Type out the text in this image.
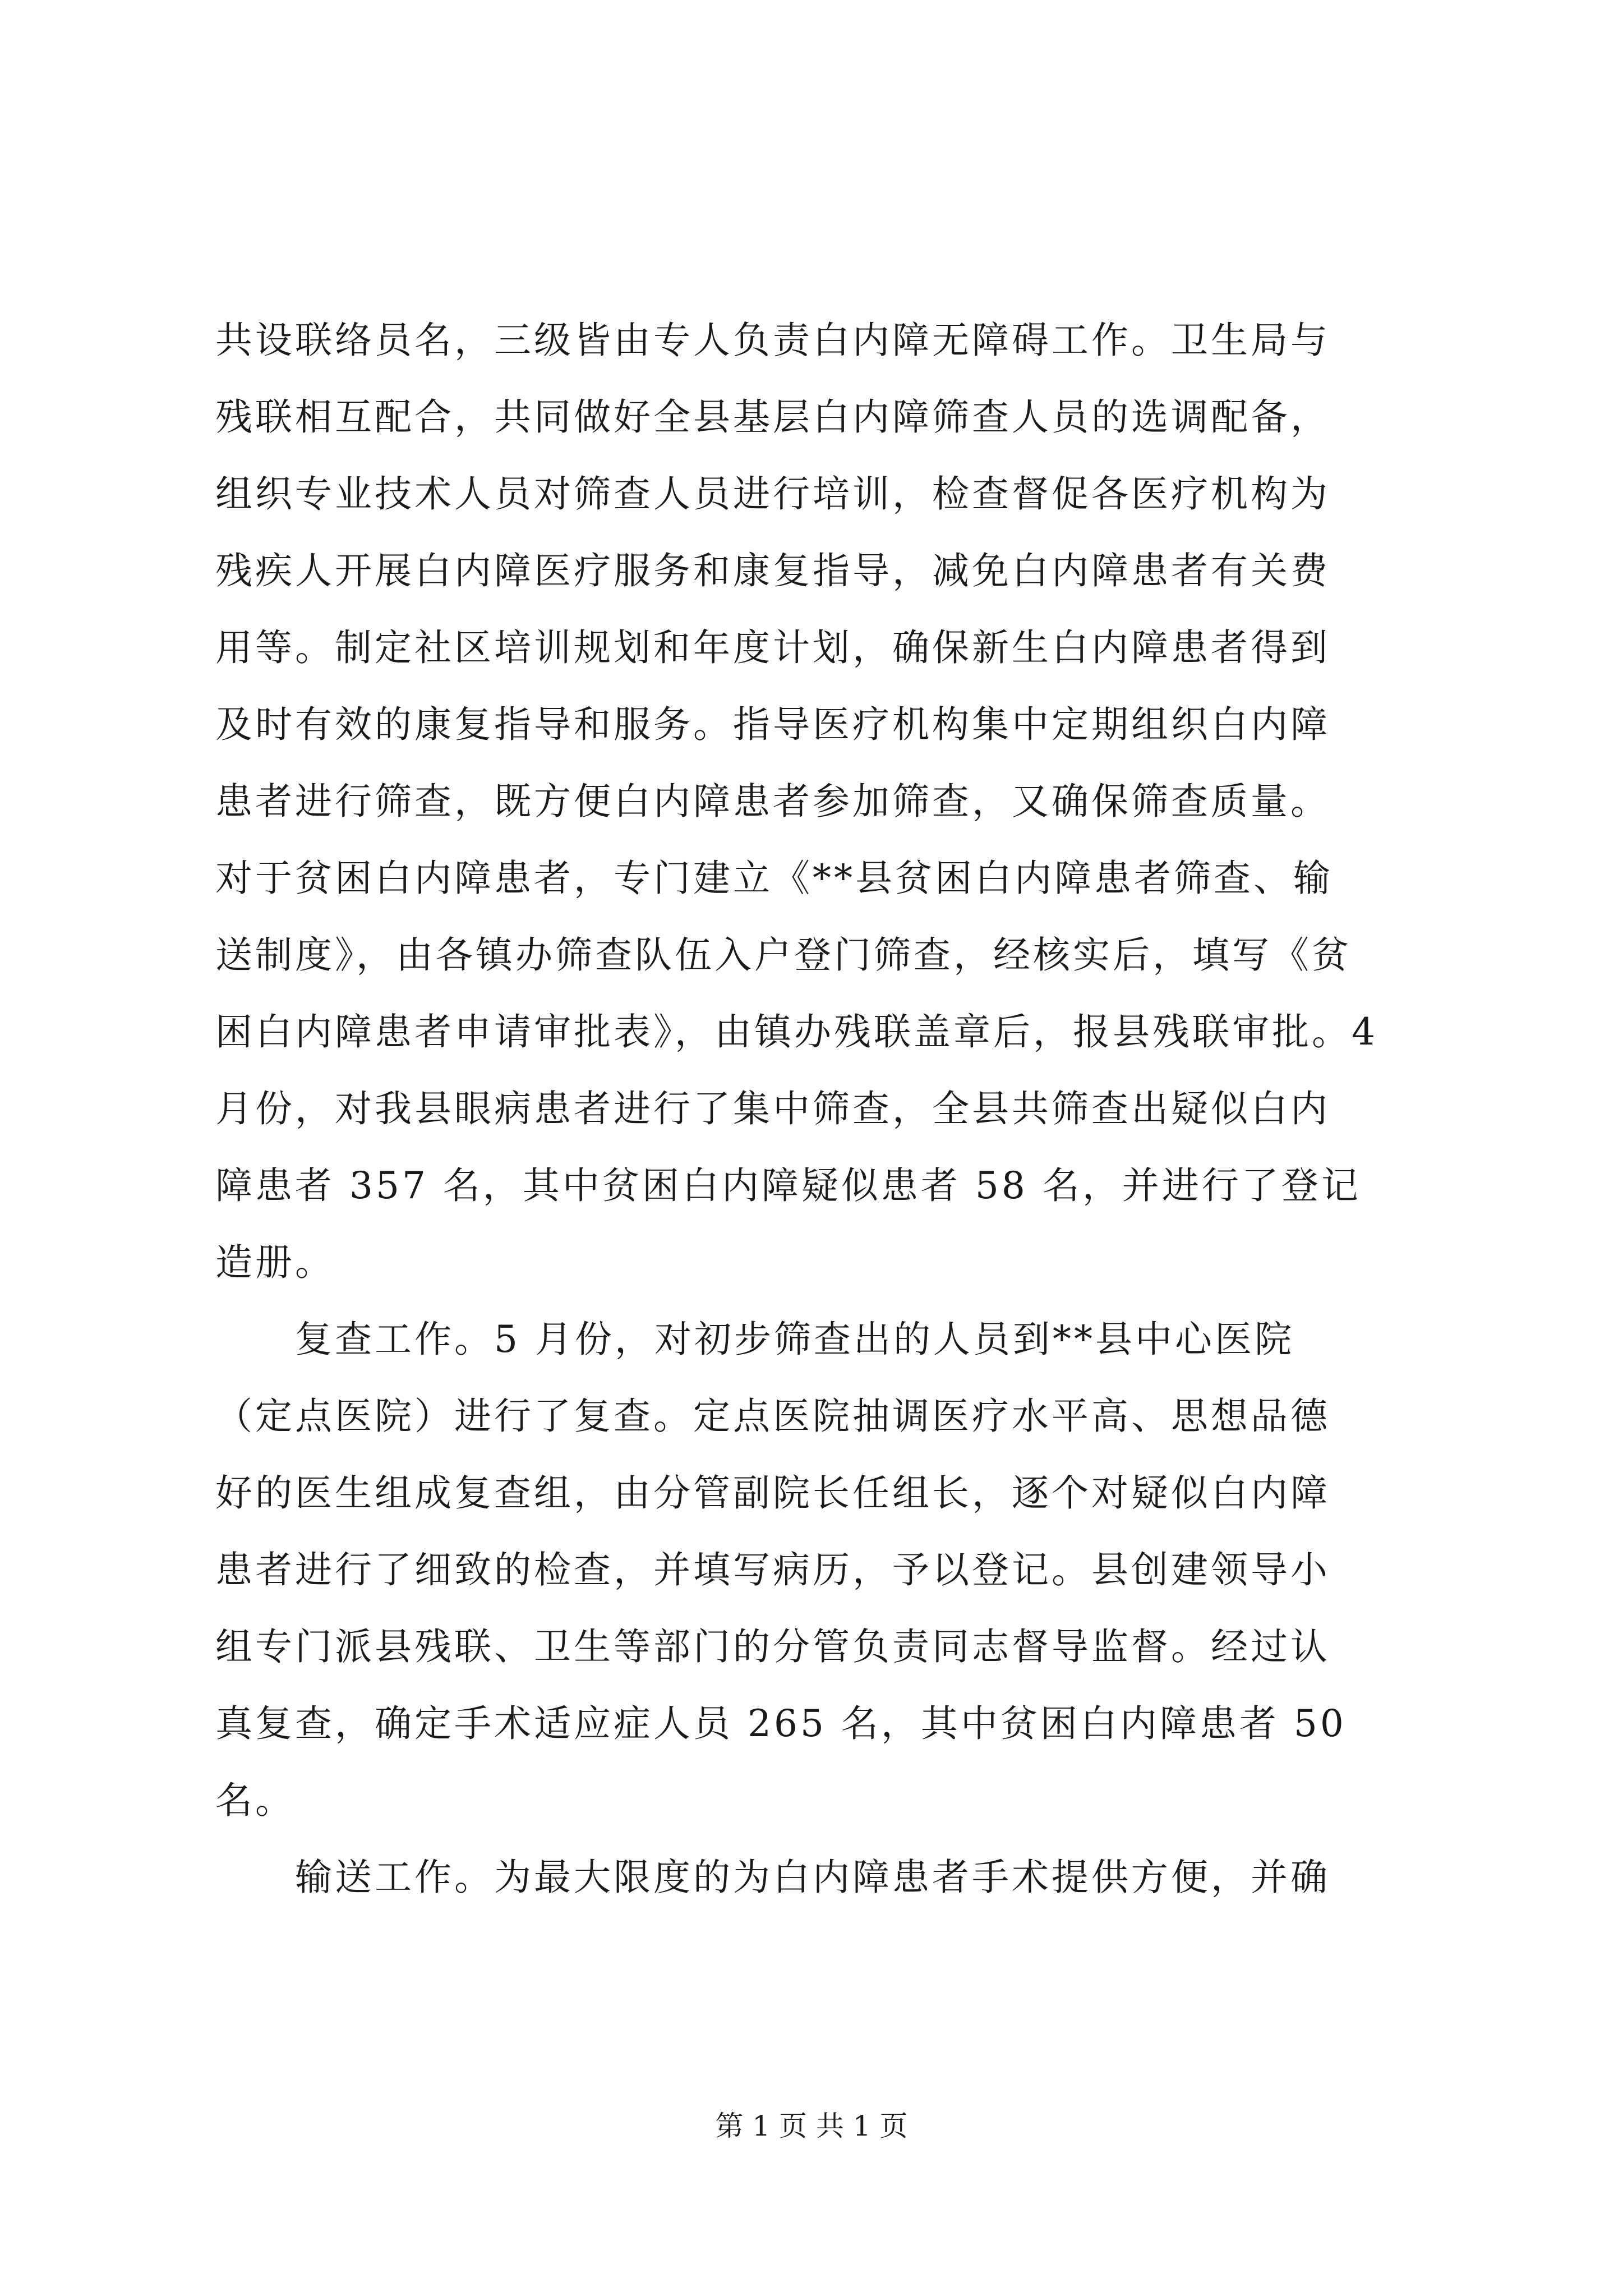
共设联络员名，三级皆由专人负责白内障无障碍工作。卫生局与
残联相互配合，共同做好全县基层白内障筛查人员的选调配备，
组织专业技术人员对筛查人员进行培训，检查督促各医疗机构为
残疾人开展白内障医疗服务和康复指导，减免白内障患者有关费
用等。制定社区培训规划和年度计划，确保新生白内障患者得到
及时有效的康复指导和服务。指导医疗机构集中定期组织白内障
患者进行筛查，既方便白内障患者参加筛查，又确保筛查质量。
对于贫困白内障患者，专门建立《**县贫困白内障患者筛查、输
送制度》，由各镇办筛查队伍入户登门筛查，经核实后，填写《贫
困白内障患者申请审批表》，由镇办残联盖章后，报县残联审批。4
月份，对我县眼病患者进行了集中筛查，全县共筛查出疑似白内
障患者 357 名，其中贫困白内障疑似患者 58 名，并进行了登记
造册。
　　复查工作。5 月份，对初步筛查出的人员到**县中心医院
（定点医院）进行了复查。定点医院抽调医疗水平高、思想品德
好的医生组成复查组，由分管副院长任组长，逐个对疑似白内障
患者进行了细致的检查，并填写病历，予以登记。县创建领导小
组专门派县残联、卫生等部门的分管负责同志督导监督。经过认
真复查，确定手术适应症人员 265 名，其中贫困白内障患者 50
名。
　　输送工作。为最大限度的为白内障患者手术提供方便，并确
第 1 页 共 1 页
